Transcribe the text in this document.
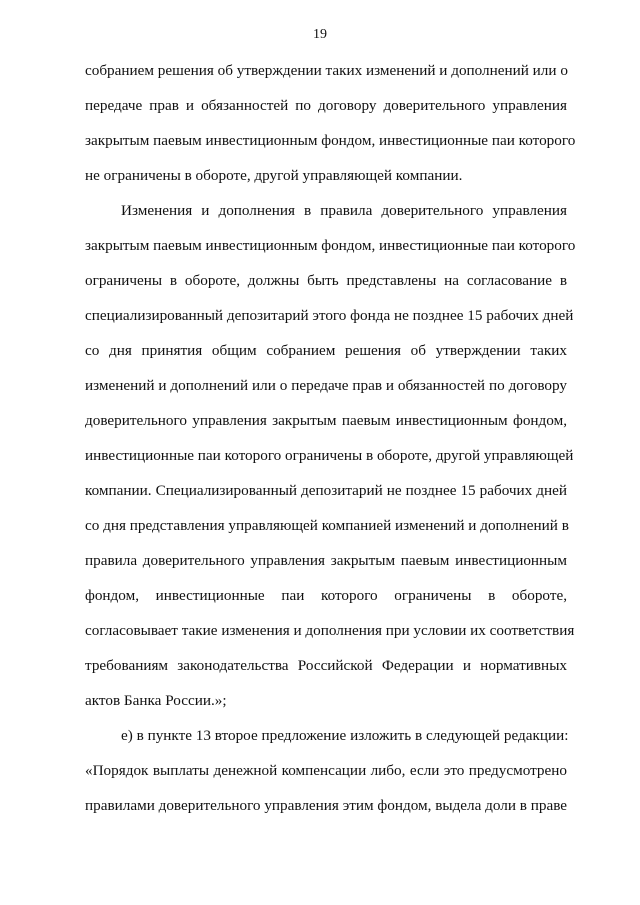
19
собранием решения об утверждении таких изменений и дополнений или о
передаче прав и обязанностей по договору доверительного управления
закрытым паевым инвестиционным фондом, инвестиционные паи которого
не ограничены в обороте, другой управляющей компании.
Изменения и дополнения в правила доверительного управления
закрытым паевым инвестиционным фондом, инвестиционные паи которого
ограничены в обороте, должны быть представлены на согласование в
специализированный депозитарий этого фонда не позднее 15 рабочих дней
со дня принятия общим собранием решения об утверждении таких
изменений и дополнений или о передаче прав и обязанностей по договору
доверительного управления закрытым паевым инвестиционным фондом,
инвестиционные паи которого ограничены в обороте, другой управляющей
компании. Специализированный депозитарий не позднее 15 рабочих дней
со дня представления управляющей компанией изменений и дополнений в
правила доверительного управления закрытым паевым инвестиционным
фондом, инвестиционные паи которого ограничены в обороте,
согласовывает такие изменения и дополнения при условии их соответствия
требованиям законодательства Российской Федерации и нормативных
актов Банка России.»;
е) в пункте 13 второе предложение изложить в следующей редакции:
«Порядок выплаты денежной компенсации либо, если это предусмотрено
правилами доверительного управления этим фондом, выдела доли в праве
